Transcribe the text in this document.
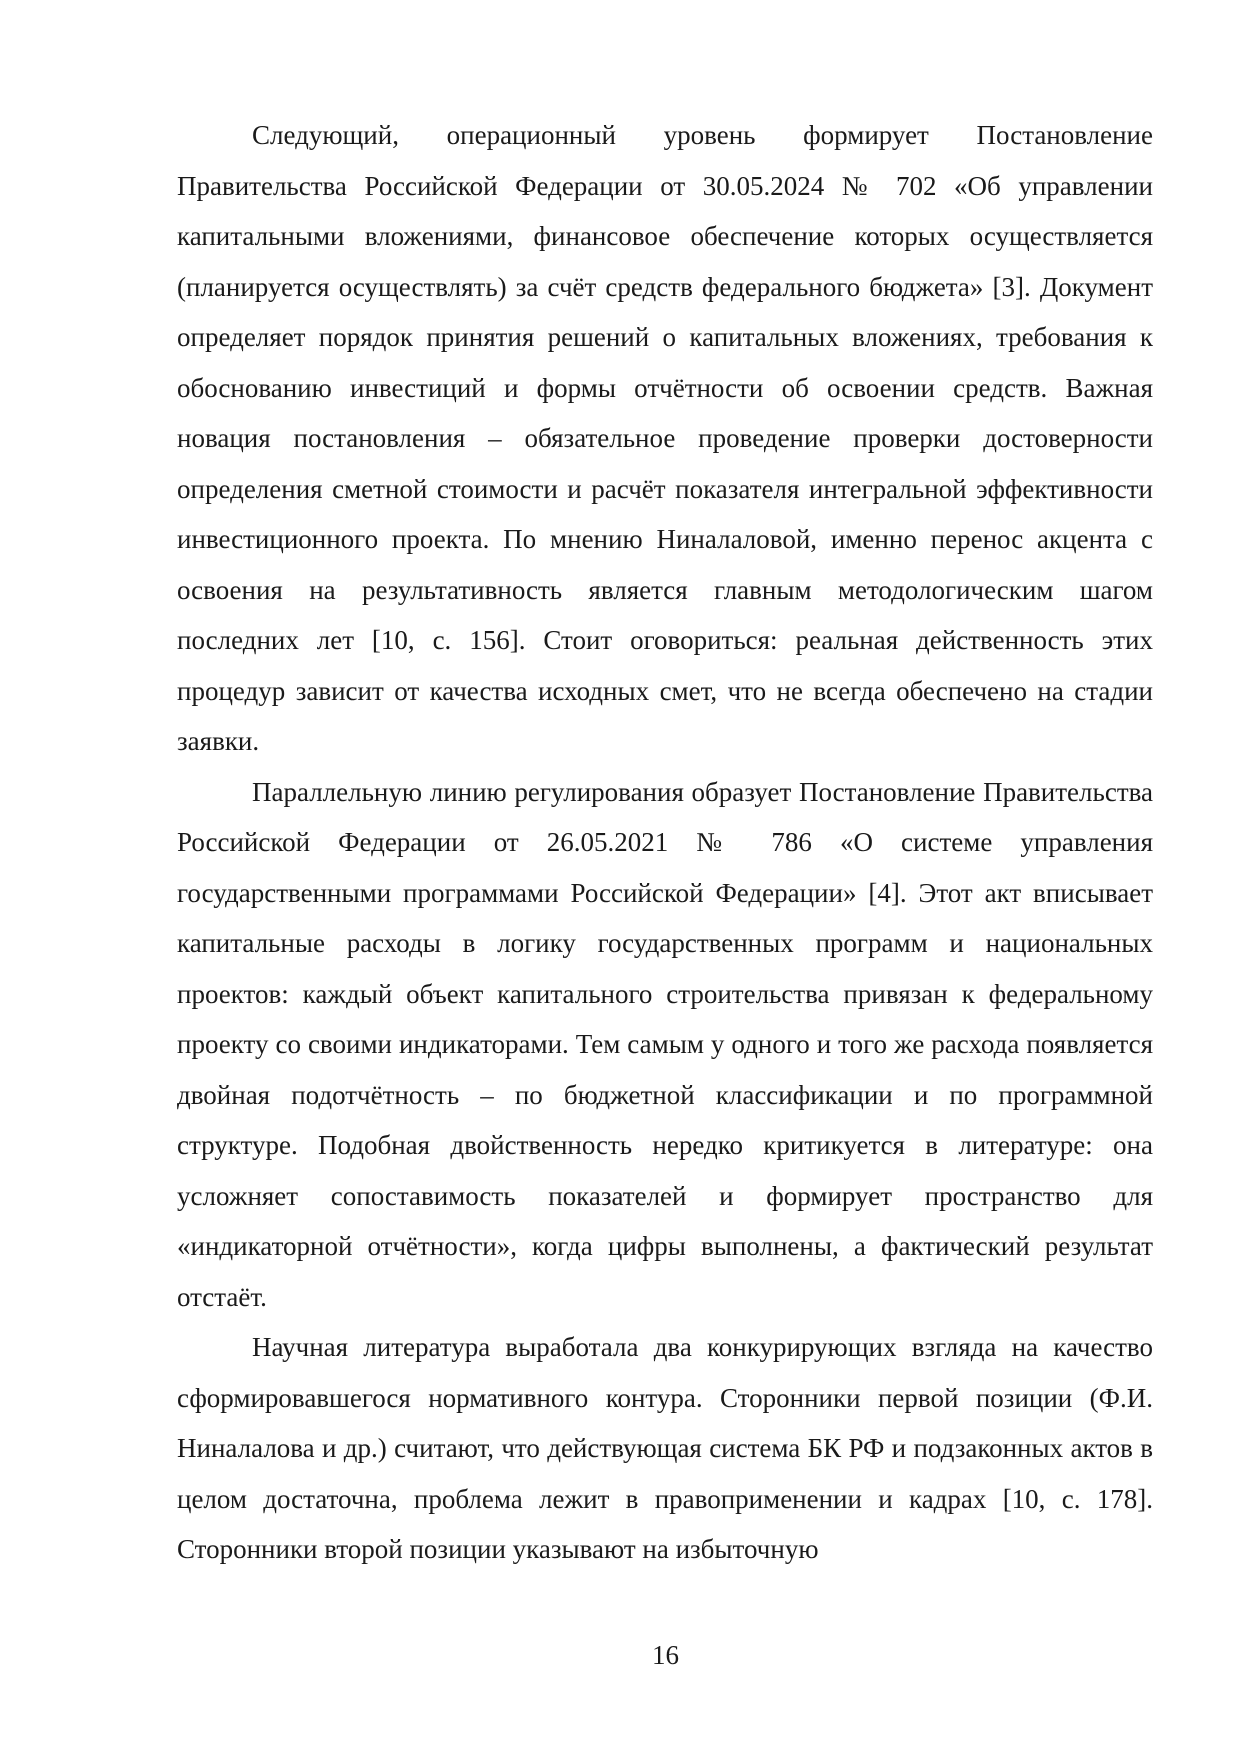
Следующий, операционный уровень формирует Постановление Правительства Российской Федерации от 30.05.2024 № 702 «Об управлении капитальными вложениями, финансовое обеспечение которых осуществляется (планируется осуществлять) за счёт средств федерального бюджета» [3]. Документ определяет порядок принятия решений о капитальных вложениях, требования к обоснованию инвестиций и формы отчётности об освоении средств. Важная новация постановления – обязательное проведение проверки достоверности определения сметной стоимости и расчёт показателя интегральной эффективности инвестиционного проекта. По мнению Ниналаловой, именно перенос акцента с освоения на результативность является главным методологическим шагом последних лет [10, с. 156]. Стоит оговориться: реальная действенность этих процедур зависит от качества исходных смет, что не всегда обеспечено на стадии заявки.

Параллельную линию регулирования образует Постановление Правительства Российской Федерации от 26.05.2021 № 786 «О системе управления государственными программами Российской Федерации» [4]. Этот акт вписывает капитальные расходы в логику государственных программ и национальных проектов: каждый объект капитального строительства привязан к федеральному проекту со своими индикаторами. Тем самым у одного и того же расхода появляется двойная подотчётность – по бюджетной классификации и по программной структуре. Подобная двойственность нередко критикуется в литературе: она усложняет сопоставимость показателей и формирует пространство для «индикаторной отчётности», когда цифры выполнены, а фактический результат отстаёт.

Научная литература выработала два конкурирующих взгляда на качество сформировавшегося нормативного контура. Сторонники первой позиции (Ф.И. Ниналалова и др.) считают, что действующая система БК РФ и подзаконных актов в целом достаточна, проблема лежит в правоприменении и кадрах [10, с. 178]. Сторонники второй позиции указывают на избыточную

16
